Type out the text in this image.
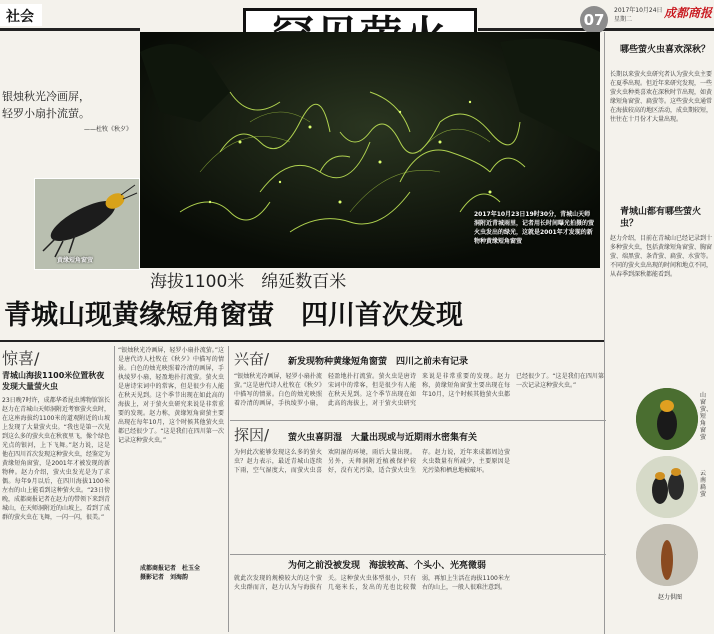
社会	07
2017年10月24日
星期二	成都商报
2017年10月23日19时30分，青城山天师洞附近青城雨里，记者用长时间曝光拍摄的萤火虫发出的绿光，这就是2001年才发现的新物种黄缘短角窗萤
银烛秋光冷画屏，
轻罗小扇扑流萤。
——杜牧《秋夕》
黄缘短角窗萤
海拔1100米　绵延数百米
青城山现黄缘短角窗萤　四川首次发现
惊喜/
青城山海拔1100米位置秋夜发现大量萤火虫
23日晚7时许，成都华希昆虫博物馆馆长赵力在青城山天师洞附近考察萤火虫时，在这座海拔约1100米的道观附近的山坡上发现了大量萤火虫。“我也是第一次见到这么多的萤火虫在秋夜里飞，像个绿色光点的银河，上下飞舞。”赵力说，这是他在四川首次发现这种萤火虫，经鉴定为黄缘短角窗萤，是2001年才被发现的新物种。赵力介绍，萤火虫发光是为了求偶。每年9月以后，在四川海拔1100米左右的山上能看到这种萤火虫。“23日傍晚，成都商报记者在赵力的带领下来到青城山，在天师洞附近的山坡上，看到了成群的萤火虫在飞舞，一闪一闪，很美。”
“银烛秋光冷画屏，轻罗小扇扑流萤。”这是唐代诗人杜牧在《秋夕》中描写的情景。白色的烛光映照着冷清的画屏，手执绫罗小扇，轻盈地扑打流萤。萤火虫是唐诗宋词中的常客，但是很少有人能在秋天见到。这个季节出现在如此高的海拔上，对于萤火虫研究来说是非常重要的发现。赵力称，黄缘短角窗萤主要出现在每年10月，这个时候其他萤火虫都已经很少了。“这是我们在四川第一次记录这种萤火虫。”
成都商报记者　杜玉全
摄影记者　刘海韵
兴奋/ 新发现物种黄缘短角窗萤　四川之前未有记录
“银烛秋光冷画屏，轻罗小扇扑流萤。”这是唐代诗人杜牧在《秋夕》中描写的情景。白色的烛光映照着冷清的画屏，手执绫罗小扇，轻盈地扑打流萤。萤火虫是唐诗宋词中的常客，但是很少有人能在秋天见到。这个季节出现在如此高的海拔上，对于萤火虫研究来说是非常重要的发现。赵力称，黄缘短角窗萤主要出现在每年10月，这个时候其他萤火虫都已经很少了。“这是我们在四川第一次记录这种萤火虫。”
探因/ 萤火虫喜阴湿　大量出现或与近期雨水密集有关
为何此次能够发现这么多的萤火虫？赵力表示，最近青城山连续下雨，空气湿度大，而萤火虫喜欢阴湿的环境，雨后大量出现。另外，天师洞附近植被保护较好，没有光污染，适合萤火虫生存。赵力说，近年来成都周边萤火虫数量有所减少，主要原因是光污染和栖息地被破坏。
为何之前没被发现　海拔较高、个头小、光亮微弱
就此次发现的规模较大的这个萤火虫群而言，赵力认为与海拔有关。这种萤火虫体型很小，只有几毫米长，发出的光也比较微弱，再加上生活在海拔1100米左右的山上，一般人很难注意到。
哪些萤火虫喜欢深秋？
长期以来萤火虫研究者认为萤火虫主要在夏季出现。但近年来研究发现，一些萤火虫种类喜欢在深秋时节出现，如黄缘短角窗萤、扁萤等。这些萤火虫通常在海拔较高的地区活动，成虫期较短，往往在十月份才大量出现。
青城山都有哪些萤火虫？
赵力介绍，目前在青城山已经记录到十多种萤火虫，包括黄缘短角窗萤、胸窗萤、端黑萤、条背萤、扁萤、水萤等。不同的萤火虫出现的时间和地点不同，从春季到深秋都能看到。
山窗萤、短角窗萤
云南扁萤
赵力供图
